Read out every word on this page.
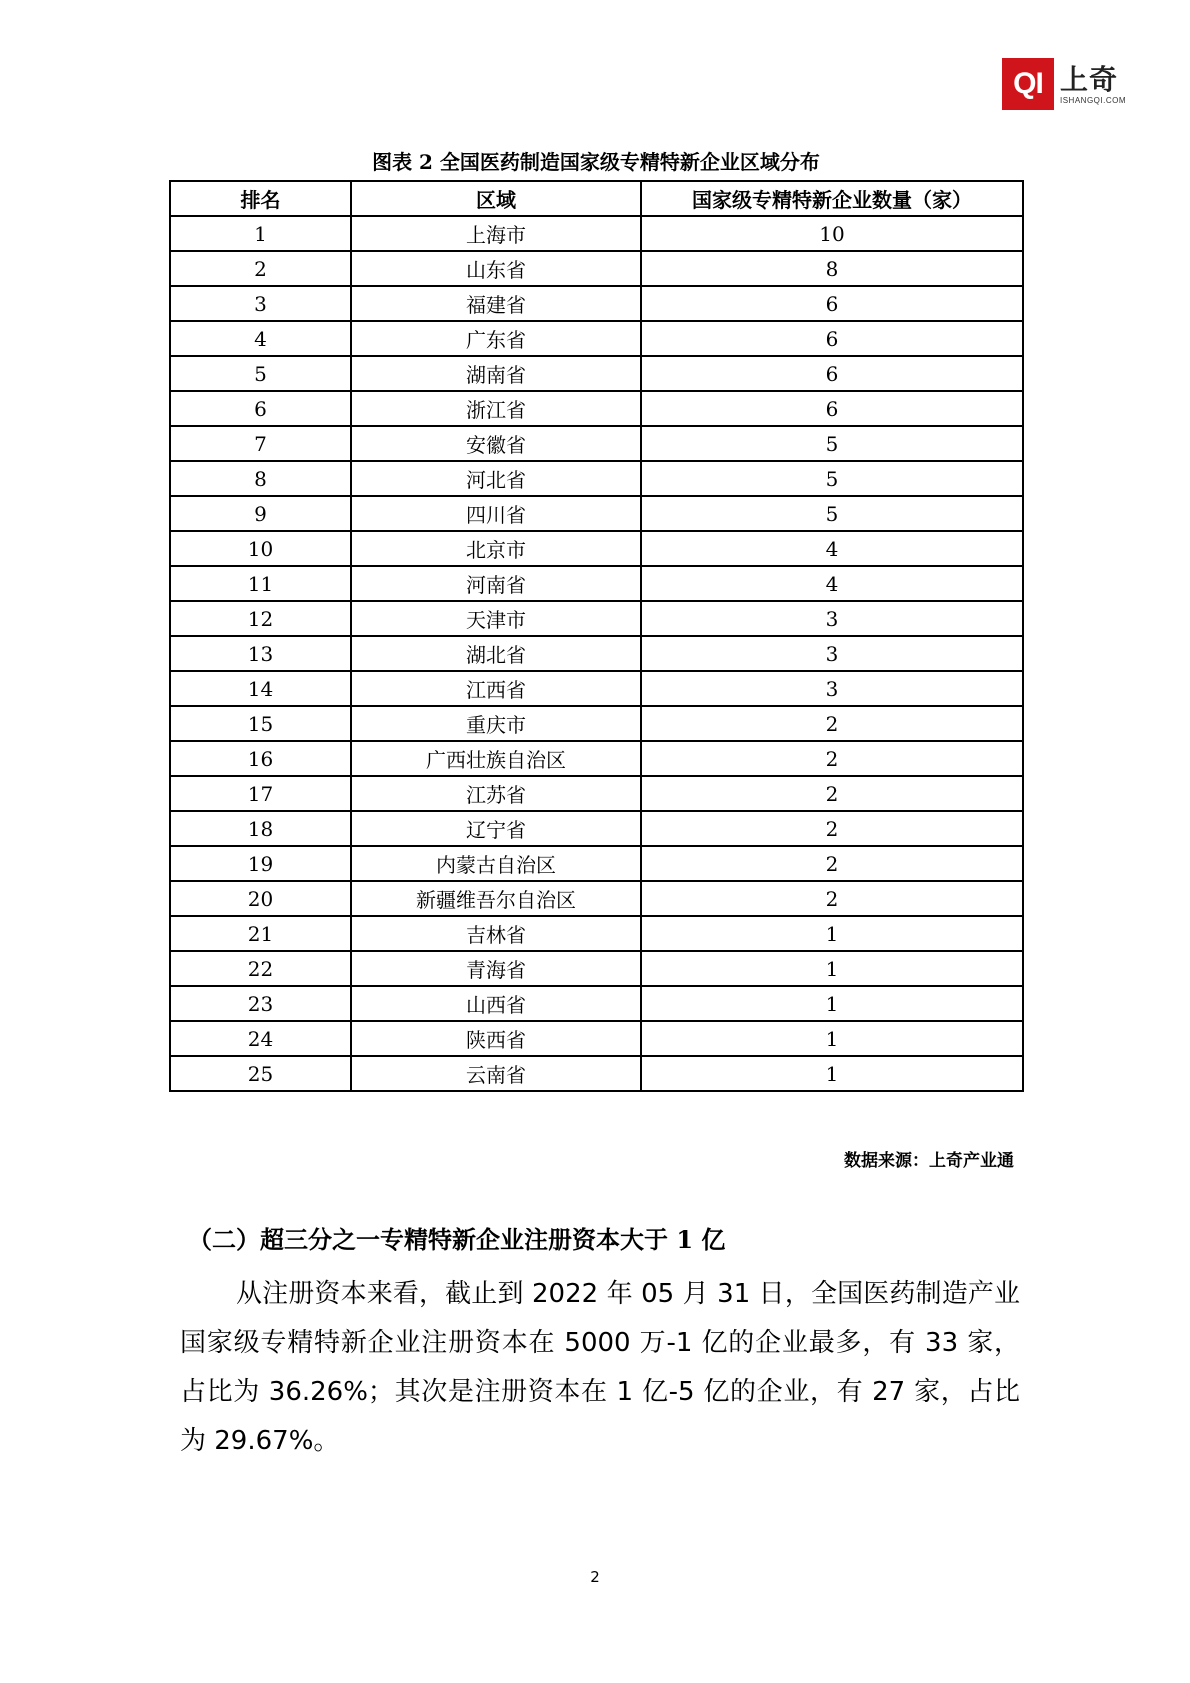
QI 上奇
ISHANGQI.COM
图表 2 全国医药制造国家级专精特新企业区域分布
排名	区域	国家级专精特新企业数量（家）
1	上海市	10
2	山东省	8
3	福建省	6
4	广东省	6
5	湖南省	6
6	浙江省	6
7	安徽省	5
8	河北省	5
9	四川省	5
10	北京市	4
11	河南省	4
12	天津市	3
13	湖北省	3
14	江西省	3
15	重庆市	2
16	广西壮族自治区	2
17	江苏省	2
18	辽宁省	2
19	内蒙古自治区	2
20	新疆维吾尔自治区	2
21	吉林省	1
22	青海省	1
23	山西省	1
24	陕西省	1
25	云南省	1
数据来源：上奇产业通
（二）超三分之一专精特新企业注册资本大于 1 亿
从注册资本来看，截止到 2022 年 05 月 31 日，全国医药制造产业国家级专精特新企业注册资本在 5000 万-1 亿的企业最多，有 33 家，占比为 36.26%；其次是注册资本在 1 亿-5 亿的企业，有 27 家，占比为 29.67%。
2
